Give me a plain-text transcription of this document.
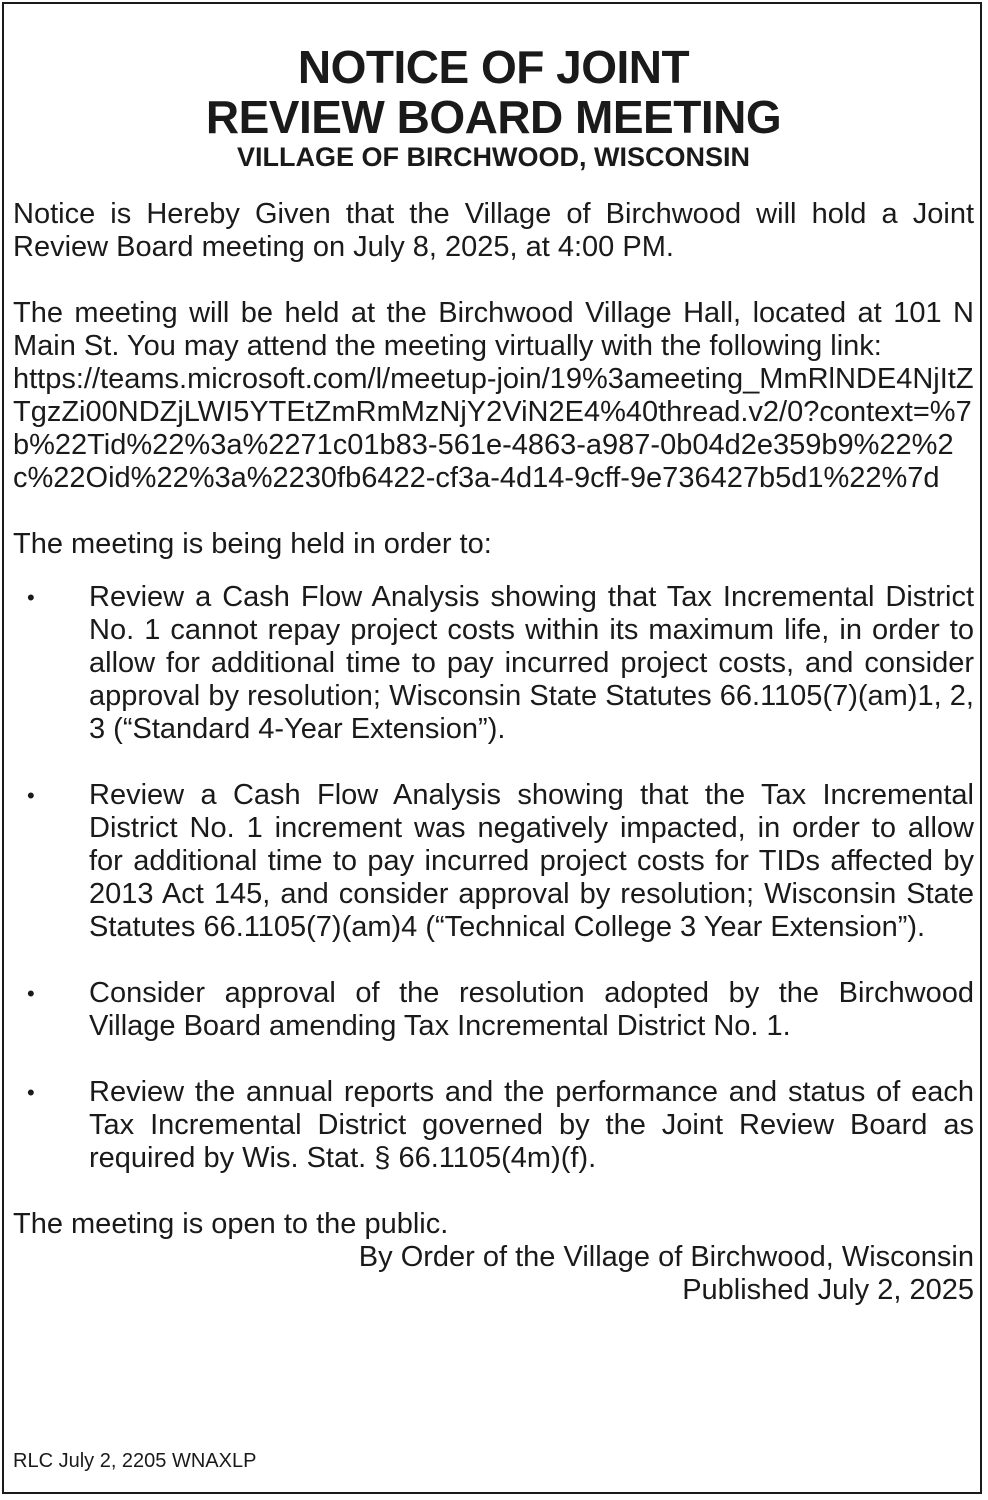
NOTICE OF JOINT

REVIEW BOARD MEETING

VILLAGE OF BIRCHWOOD, WISCONSIN

Notice is Hereby Given that the Village of Birchwood will hold a Joint Review Board meeting on July 8, 2025, at 4:00 PM.

The meeting will be held at the Birchwood Village Hall, located at 101 N Main St. You may attend the meeting virtually with the following link:

https://teams.microsoft.com/l/meetup-join/19%3ameeting_MmRlNDE4NjItZTgzZi00NDZjLWI5YTEtZmRmMzNjY2ViN2E4%40thread.v2/0?context=%7b%22Tid%22%3a%2271c01b83-561e-4863-a987-0b04d2e359b9%22%2c%22Oid%22%3a%2230fb6422-cf3a-4d14-9cff-9e736427b5d1%22%7d

The meeting is being held in order to:

• Review a Cash Flow Analysis showing that Tax Incremental District No. 1 cannot repay project costs within its maximum life, in order to allow for additional time to pay incurred project costs, and consider approval by resolution; Wisconsin State Statutes 66.1105(7)(am)1, 2, 3 (“Standard 4-Year Extension”).
• Review a Cash Flow Analysis showing that the Tax Incremental District No. 1 increment was negatively impacted, in order to allow for additional time to pay incurred project costs for TIDs affected by 2013 Act 145, and consider approval by resolution; Wisconsin State Statutes 66.1105(7)(am)4 (“Technical College 3 Year Extension”).
• Consider approval of the resolution adopted by the Birchwood Village Board amending Tax Incremental District No. 1.
• Review the annual reports and the performance and status of each Tax Incremental District governed by the Joint Review Board as required by Wis. Stat. § 66.1105(4m)(f).

The meeting is open to the public.

By Order of the Village of Birchwood, Wisconsin

Published July 2, 2025

RLC July 2, 2205 WNAXLP
